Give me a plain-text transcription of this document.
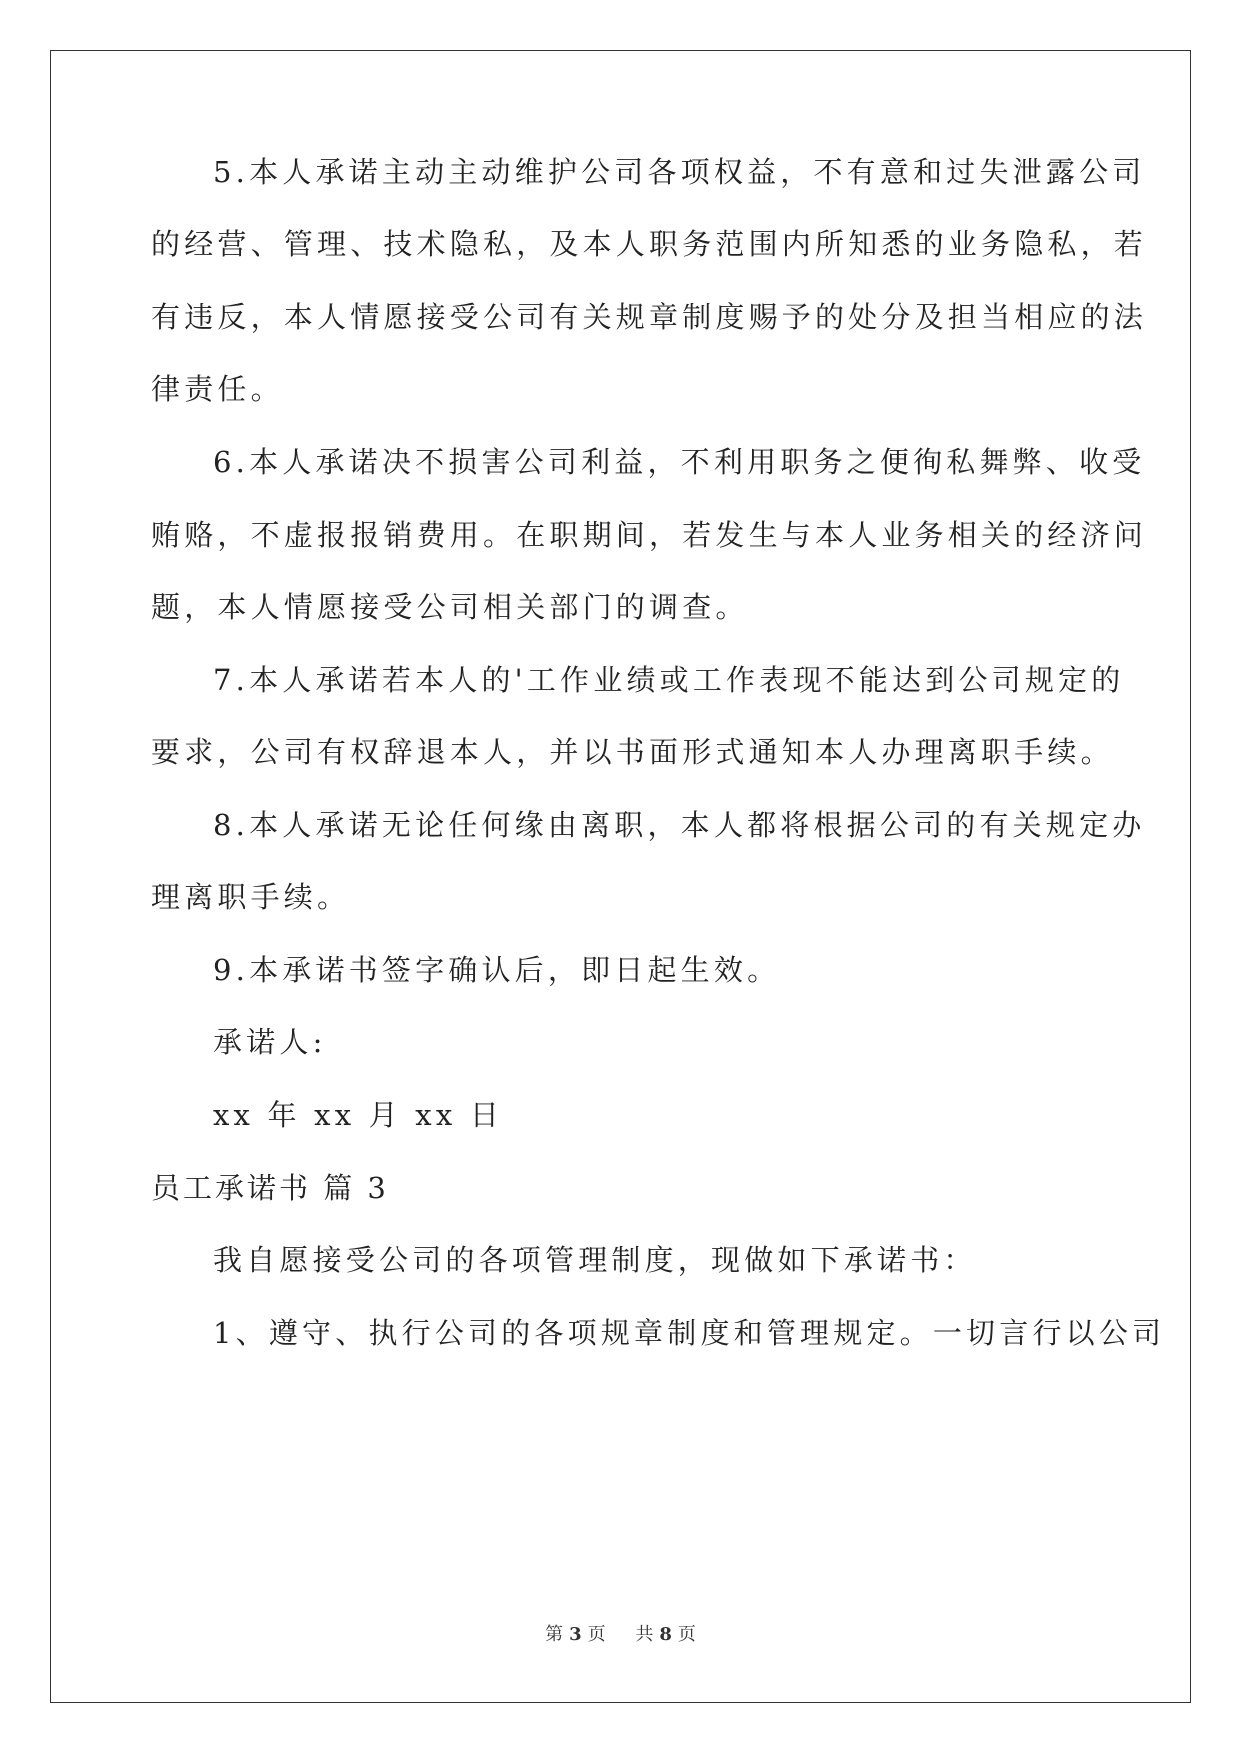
5.本人承诺主动主动维护公司各项权益，不有意和过失泄露公司
的经营、管理、技术隐私，及本人职务范围内所知悉的业务隐私，若
有违反，本人情愿接受公司有关规章制度赐予的处分及担当相应的法
律责任。
6.本人承诺决不损害公司利益，不利用职务之便徇私舞弊、收受
贿赂，不虚报报销费用。在职期间，若发生与本人业务相关的经济问
题，本人情愿接受公司相关部门的调查。
7.本人承诺若本人的'工作业绩或工作表现不能达到公司规定的
要求，公司有权辞退本人，并以书面形式通知本人办理离职手续。
8.本人承诺无论任何缘由离职，本人都将根据公司的有关规定办
理离职手续。
9.本承诺书签字确认后，即日起生效。
承诺人:
xx 年 xx 月 xx 日
员工承诺书 篇 3
我自愿接受公司的各项管理制度，现做如下承诺书：
1、遵守、执行公司的各项规章制度和管理规定。一切言行以公司
第 3 页 共 8 页
